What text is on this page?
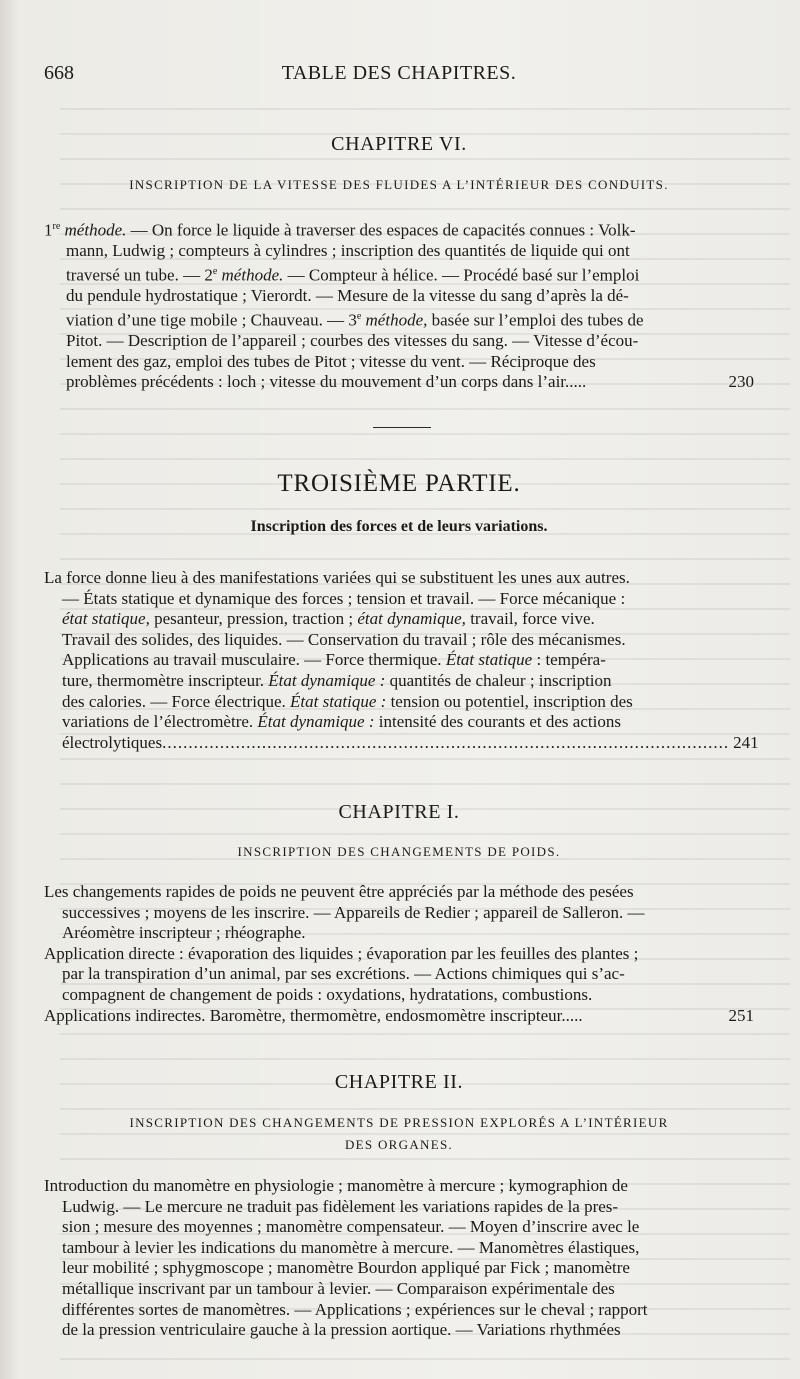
668	TABLE DES CHAPITRES.
CHAPITRE VI.
INSCRIPTION DE LA VITESSE DES FLUIDES A L’INTÉRIEUR DES CONDUITS.
1re méthode. — On force le liquide à traverser des espaces de capacités connues : Volk-
mann, Ludwig ; compteurs à cylindres ; inscription des quantités de liquide qui ont
traversé un tube. — 2e méthode. — Compteur à hélice. — Procédé basé sur l’emploi
du pendule hydrostatique ; Vierordt. — Mesure de la vitesse du sang d’après la dé-
viation d’une tige mobile ; Chauveau. — 3e méthode, basée sur l’emploi des tubes de
Pitot. — Description de l’appareil ; courbes des vitesses du sang. — Vitesse d’écou-
lement des gaz, emploi des tubes de Pitot ; vitesse du vent. — Réciproque des
problèmes précédents : loch ; vitesse du mouvement d’un corps dans l’air.....	230
TROISIÈME PARTIE.
Inscription des forces et de leurs variations.
La force donne lieu à des manifestations variées qui se substituent les unes aux autres.
— États statique et dynamique des forces ; tension et travail. — Force mécanique :
état statique, pesanteur, pression, traction ; état dynamique, travail, force vive.
Travail des solides, des liquides. — Conservation du travail ; rôle des mécanismes.
Applications au travail musculaire. — Force thermique. État statique : tempéra-
ture, thermomètre inscripteur. État dynamique : quantités de chaleur ; inscription
des calories. — Force électrique. État statique : tension ou potentiel, inscription des
variations de l’électromètre. État dynamique : intensité des courants et des actions
électrolytiques .....	241
CHAPITRE I.
INSCRIPTION DES CHANGEMENTS DE POIDS.
Les changements rapides de poids ne peuvent être appréciés par la méthode des pesées
successives ; moyens de les inscrire. — Appareils de Redier ; appareil de Salleron. —
Aréomètre inscripteur ; rhéographe.
Application directe : évaporation des liquides ; évaporation par les feuilles des plantes ;
par la transpiration d’un animal, par ses excrétions. — Actions chimiques qui s’ac-
compagnent de changement de poids : oxydations, hydratations, combustions.
Applications indirectes. Baromètre, thermomètre, endosmomètre inscripteur.....	251
CHAPITRE II.
INSCRIPTION DES CHANGEMENTS DE PRESSION EXPLORÉS A L’INTÉRIEUR
DES ORGANES.
Introduction du manomètre en physiologie ; manomètre à mercure ; kymographion de
Ludwig. — Le mercure ne traduit pas fidèlement les variations rapides de la pres-
sion ; mesure des moyennes ; manomètre compensateur. — Moyen d’inscrire avec le
tambour à levier les indications du manomètre à mercure. — Manomètres élastiques,
leur mobilité ; sphygmoscope ; manomètre Bourdon appliqué par Fick ; manomètre
métallique inscrivant par un tambour à levier. — Comparaison expérimentale des
différentes sortes de manomètres. — Applications ; expériences sur le cheval ; rapport
de la pression ventriculaire gauche à la pression aortique. — Variations rhythmées
